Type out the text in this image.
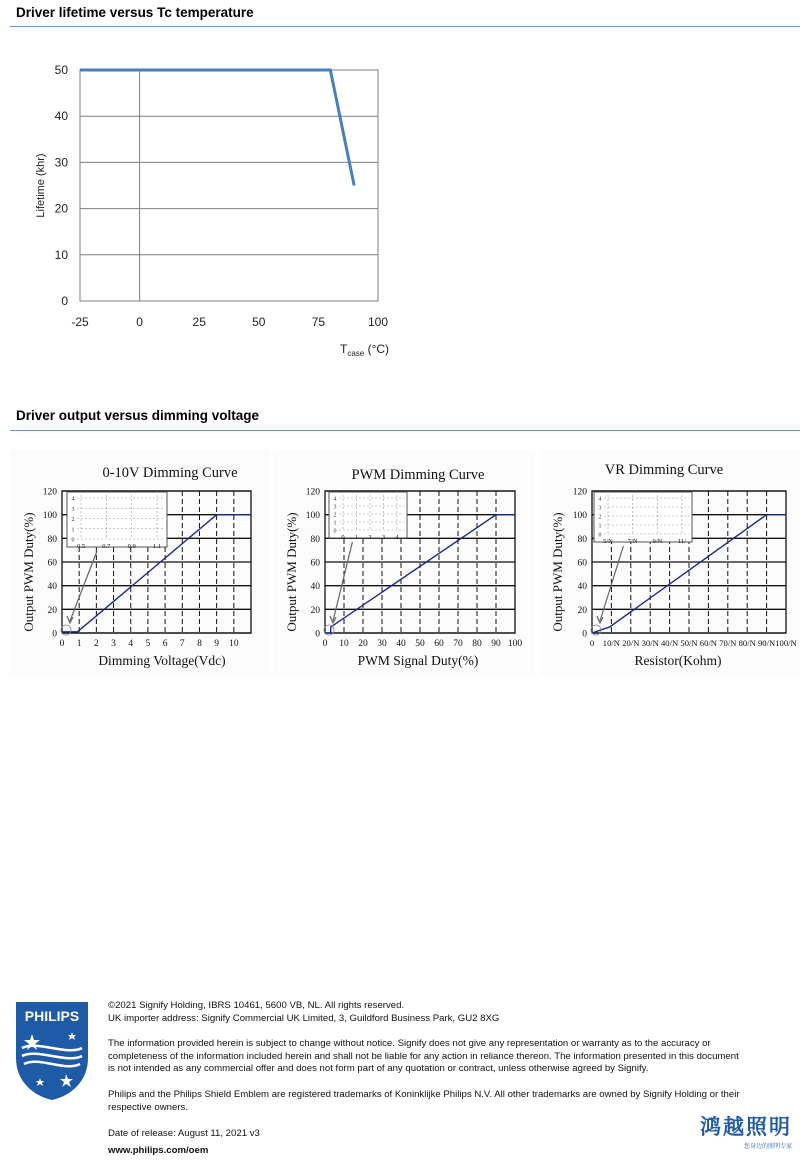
Driver lifetime versus Tc temperature
0
10
20
30
40
50
-25	0	25	50	75	100
Lifetime (khr)
$T_{case}$ (°C)
Driver output versus dimming voltage
0-10V Dimming Curve
0
20
40
60
80
100
120
0 1 2 3 4 5 6 7 8 9 10
0
1
2
3
4
0.5	0.7	0.9	1.1
Output PWM Duty(%)
Dimming Voltage(Vdc)
PWM Dimming Curve
0
20
40
60
80
100
120
0 10 20 30 40 50 60 70 80 90 100
0
1
2
3
4
0 1 2 3 4
Output PWM Duty(%)
PWM Signal Duty(%)
VR Dimming Curve
0
20
40
60
80
100
120
0 10/N 20/N 30/N 40/N 50/N 60/N 70/N 80/N 90/N 100/N
0
1
2
3
4
5/N 7/N 9/N 11/
Output PWM Duty(%)
Resistor(Kohm)
PHILIPS

©2021 Signify Holding, IBRS 10461, 5600 VB, NL. All rights reserved.

UK importer address: Signify Commercial UK Limited, 3, Guildford Business Park, GU2 8XG

The information provided herein is subject to change without notice. Signify does not give any representation or warranty as to the accuracy or completeness of the information included herein and shall not be liable for any action in reliance thereon. The information presented in this document is not intended as any commercial offer and does not form part of any quotation or contract, unless otherwise agreed by Signify.

Philips and the Philips Shield Emblem are registered trademarks of Koninklijke Philips N.V. All other trademarks are owned by Signify Holding or their respective owners.

Date of release: August 11, 2021 v3

www.philips.com/oem

鸿越照明
您身边的照明专家
